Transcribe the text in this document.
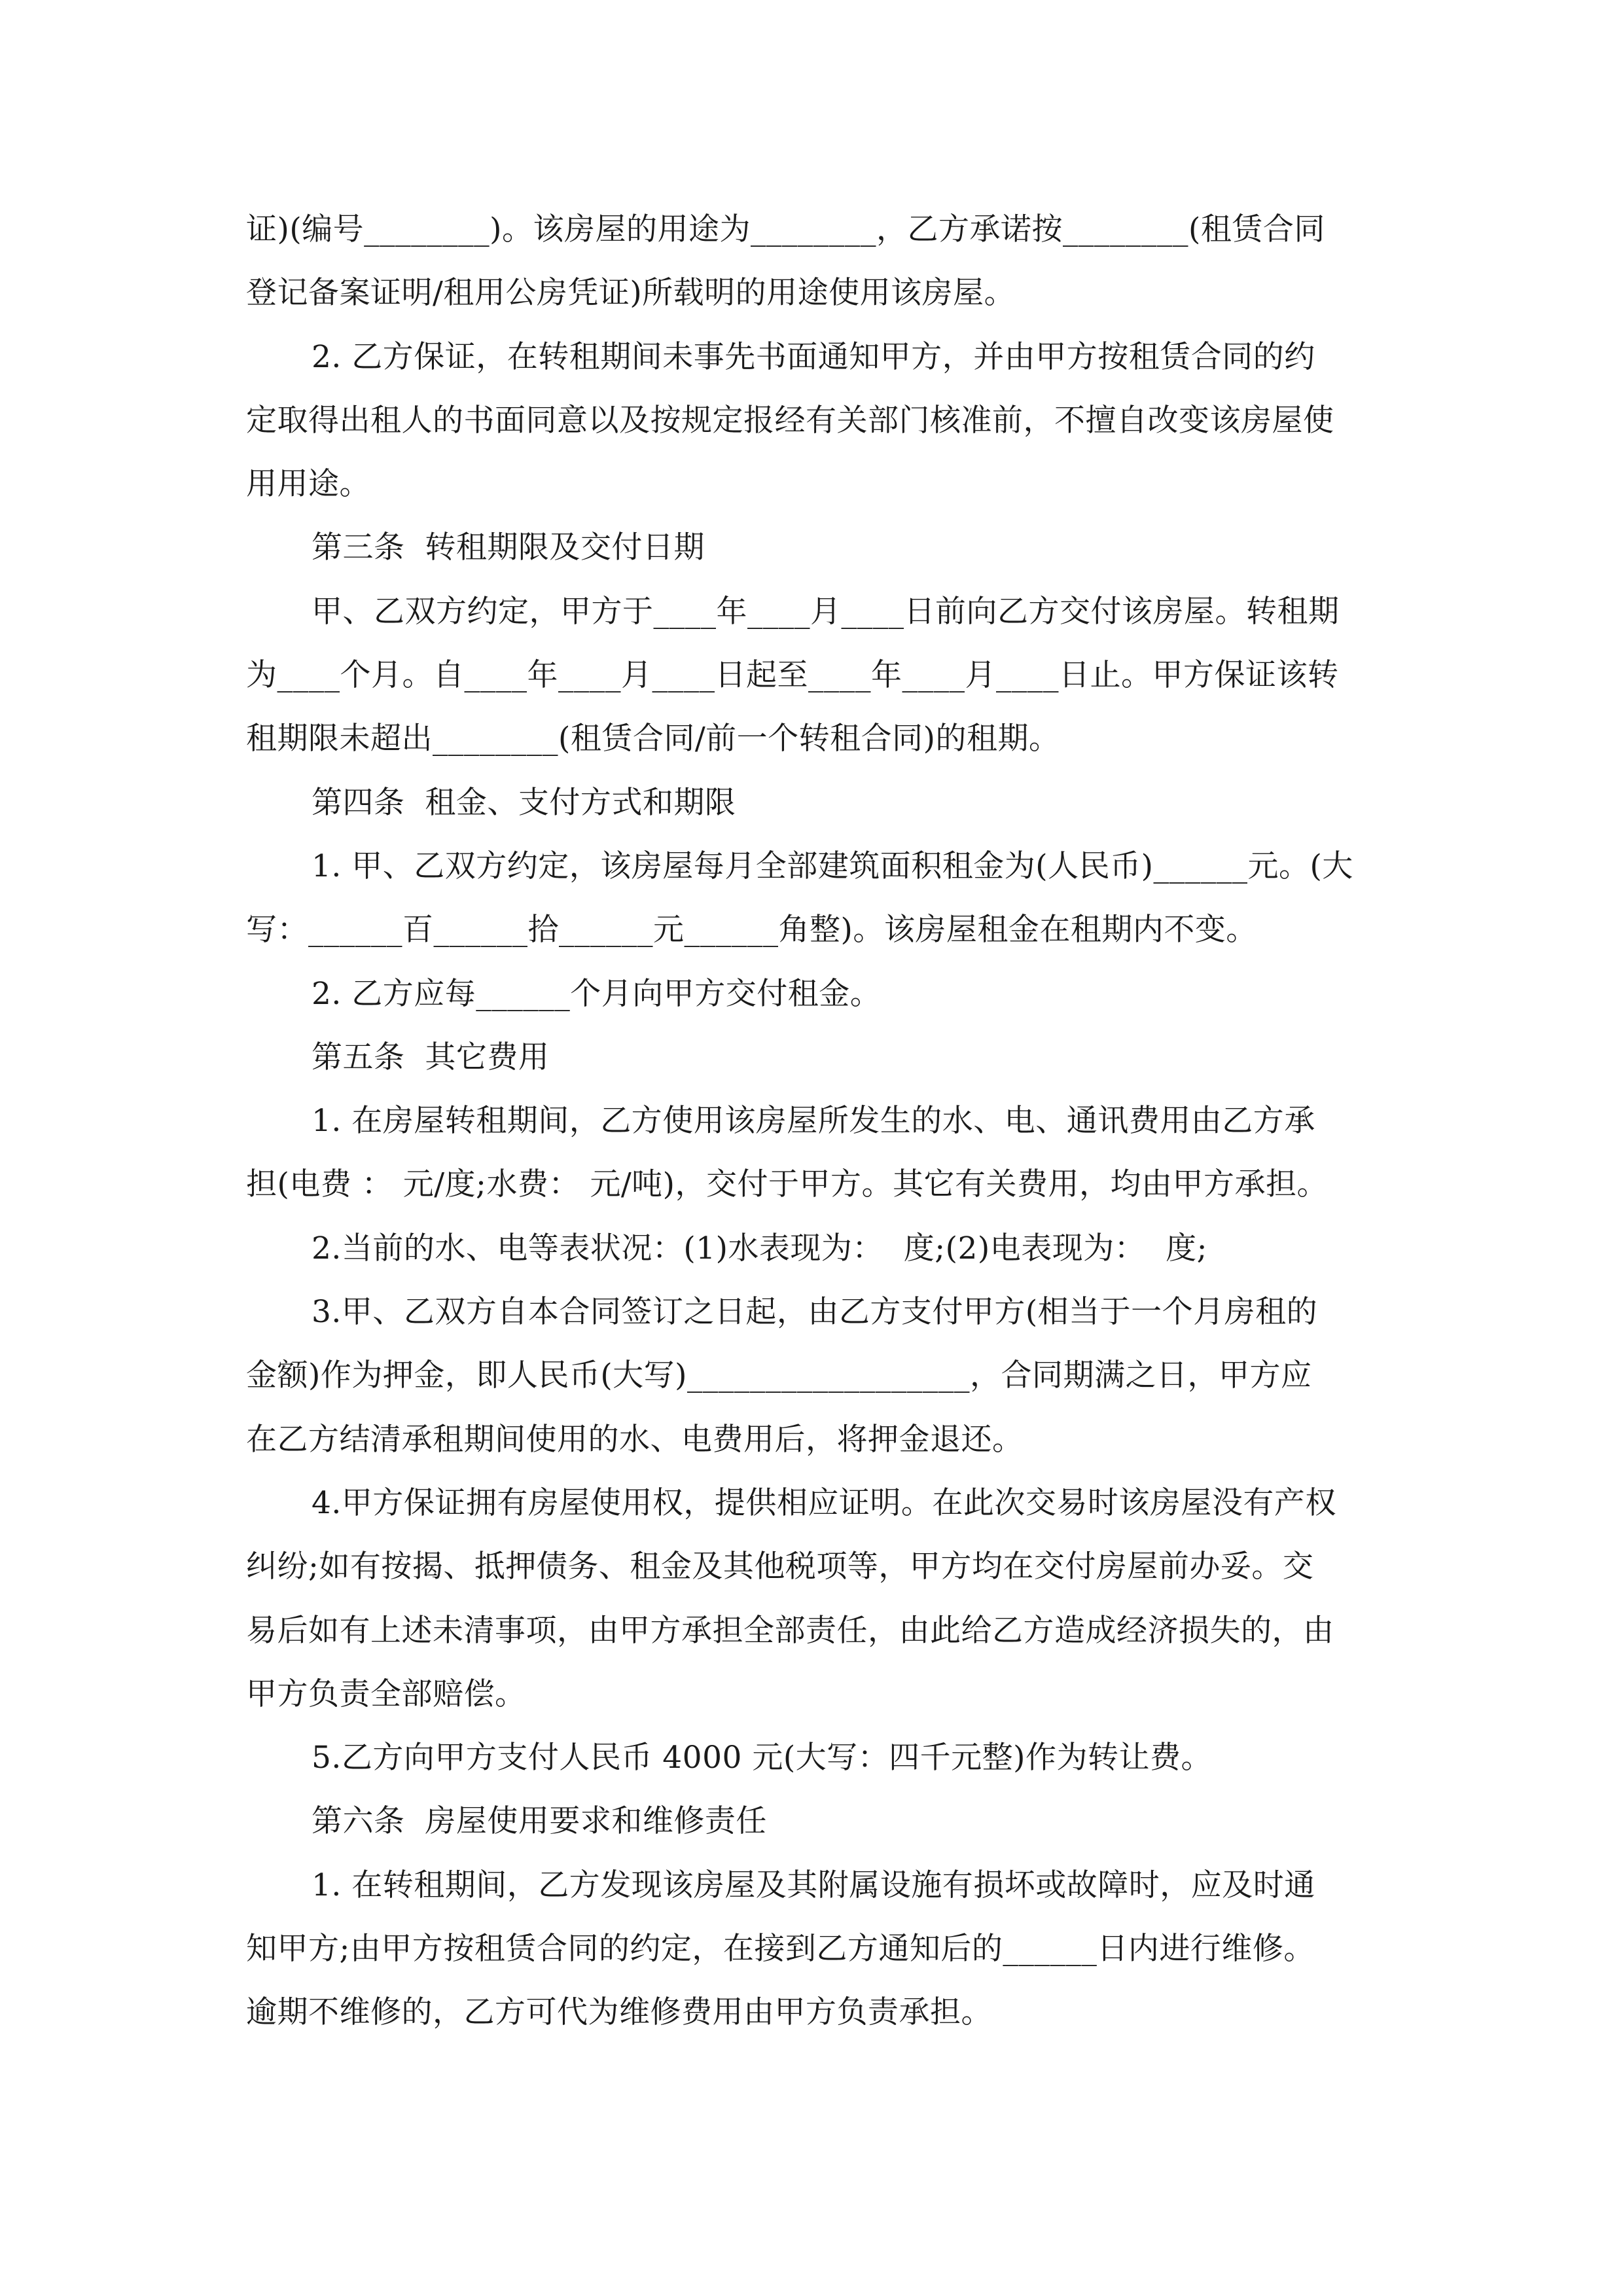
证)(编号________)。该房屋的用途为________，乙方承诺按________(租赁合同
登记备案证明/租用公房凭证)所载明的用途使用该房屋。
2. 乙方保证，在转租期间未事先书面通知甲方，并由甲方按租赁合同的约
定取得出租人的书面同意以及按规定报经有关部门核准前，不擅自改变该房屋使
用用途。
第三条  转租期限及交付日期
甲、乙双方约定，甲方于____年____月____日前向乙方交付该房屋。转租期
为____个月。自____年____月____日起至____年____月____日止。甲方保证该转
租期限未超出________(租赁合同/前一个转租合同)的租期。
第四条  租金、支付方式和期限
1. 甲、乙双方约定，该房屋每月全部建筑面积租金为(人民币)______元。(大
写：______百______拾______元______角整)。该房屋租金在租期内不变。
2. 乙方应每______个月向甲方交付租金。
第五条  其它费用
1. 在房屋转租期间，乙方使用该房屋所发生的水、电、通讯费用由乙方承
担(电费 ： 元/度;水费： 元/吨)，交付于甲方。其它有关费用，均由甲方承担。
2.当前的水、电等表状况：(1)水表现为：  度;(2)电表现为：  度;
3.甲、乙双方自本合同签订之日起，由乙方支付甲方(相当于一个月房租的
金额)作为押金，即人民币(大写)__________________，合同期满之日，甲方应
在乙方结清承租期间使用的水、电费用后，将押金退还。
4.甲方保证拥有房屋使用权，提供相应证明。在此次交易时该房屋没有产权
纠纷;如有按揭、抵押债务、租金及其他税项等，甲方均在交付房屋前办妥。交
易后如有上述未清事项，由甲方承担全部责任，由此给乙方造成经济损失的，由
甲方负责全部赔偿。
5.乙方向甲方支付人民币 4000 元(大写：四千元整)作为转让费。
第六条  房屋使用要求和维修责任
1. 在转租期间，乙方发现该房屋及其附属设施有损坏或故障时，应及时通
知甲方;由甲方按租赁合同的约定，在接到乙方通知后的______日内进行维修。
逾期不维修的，乙方可代为维修费用由甲方负责承担。
